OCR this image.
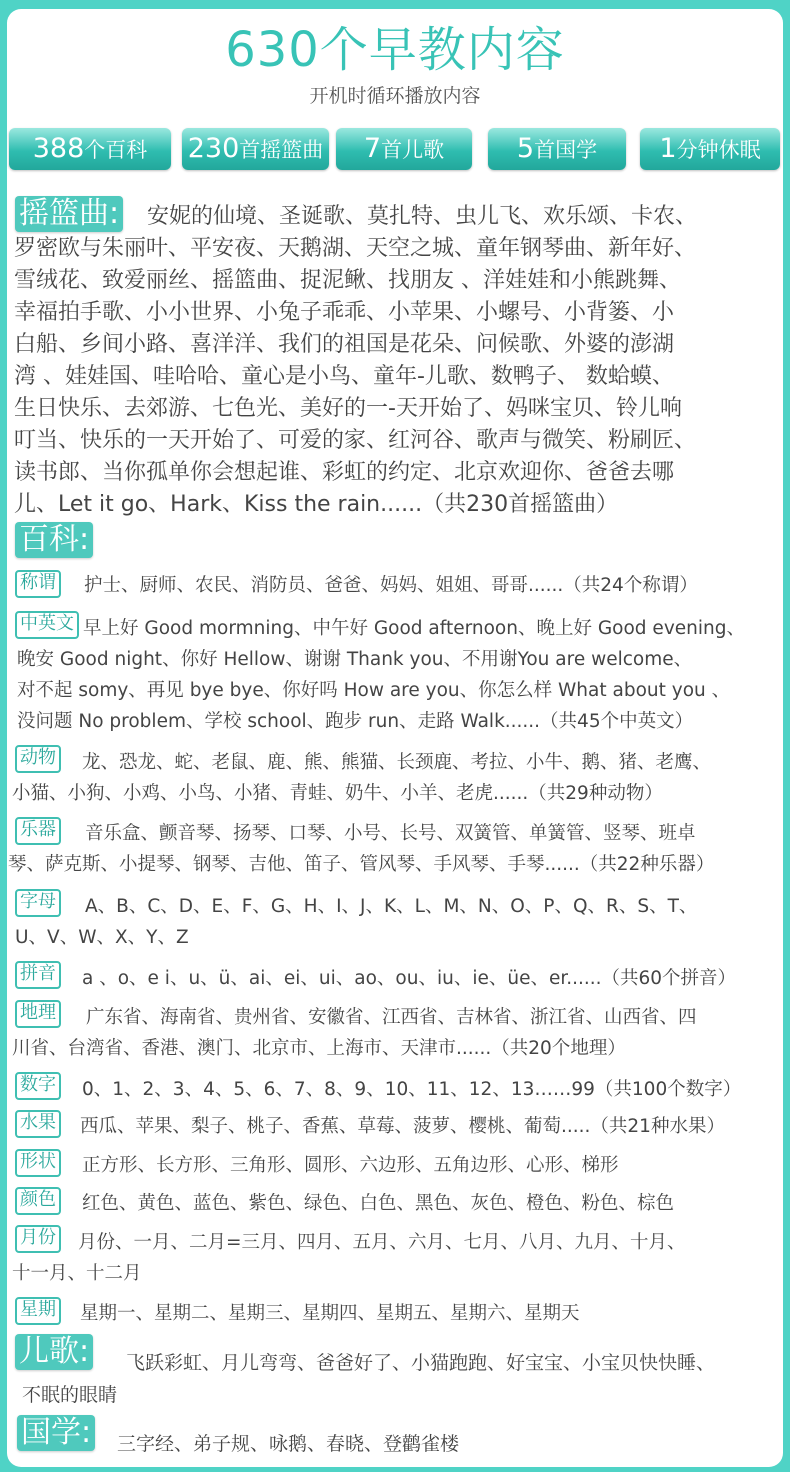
630个早教内容
开机时循环播放内容
388 个百科 230 首摇篮曲 7 首儿歌	5 首国学 1 分钟休眠
摇篮曲:	安妮的仙境、圣诞歌、莫扎特、虫儿飞、欢乐颂、卡农、
罗密欧与朱丽叶、平安夜、天鹅湖、天空之城、童年钢琴曲、新年好、
雪绒花、致爱丽丝、摇篮曲、捉泥鳅、找朋友 、洋娃娃和小熊跳舞、
幸福拍手歌、小小世界、小兔子乖乖、小苹果、小螺号、小背篓、小
白船、乡间小路、喜洋洋、我们的祖国是花朵、问候歌、外婆的澎湖
湾 、娃娃国、哇哈哈、童心是小鸟、童年-儿歌、数鸭子、 数蛤蟆、
生日快乐、去郊游、七色光、美好的一-天开始了、妈咪宝贝、铃儿响
叮当、快乐的一天开始了、可爱的家、红河谷、歌声与微笑、粉刷匠、
读书郎、当你孤单你会想起谁、彩虹的约定、北京欢迎你、爸爸去哪
儿、Let it go、Hark、Kiss the rain......（共230首摇篮曲）
百科:
称谓 护士、厨师、农民、消防员、爸爸、妈妈、姐姐、哥哥......（共24个称谓）
中英文 早上好 Good mormning、中午好 Good afternoon、晚上好 Good evening、
晚安 Good night、你好 Hellow、谢谢 Thank you、不用谢You are welcome、
对不起 somy、再见 bye bye、你好吗 How are you、你怎么样 What about you 、
没问题 No problem、学校 school、跑步 run、走路 Walk......（共45个中英文）
动物	龙、恐龙、蛇、老鼠、鹿、熊、熊猫、长颈鹿、考拉、小牛、鹅、猪、老鹰、
小猫、小狗、小鸡、小鸟、小猪、青蛙、奶牛、小羊、老虎......（共29种动物）
乐器	音乐盒、颤音琴、扬琴、口琴、小号、长号、双簧管、单簧管、竖琴、班卓
琴、萨克斯、小提琴、钢琴、吉他、笛子、管风琴、手风琴、手琴......（共22种乐器）
字母	A、B、C、D、E、F、G、H、I、J、K、L、M、N、O、P、Q、R、S、T、
U、V、W、X、Y、Z
拼音 a 、o、e i、u、ü、ai、ei、ui、ao、ou、iu、ie、üe、er......（共60个拼音）
地理	广东省、海南省、贵州省、安徽省、江西省、吉林省、浙江省、山西省、四
川省、台湾省、香港、澳门、北京市、上海市、天津市......（共20个地理）
数字 0、1、2、3、4、5、6、7、8、9、10、11、12、13……99（共100个数字）
水果 西瓜、苹果、梨子、桃子、香蕉、草莓、菠萝、樱桃、葡萄.....（共21种水果）
形状 正方形、长方形、三角形、圆形、六边形、五角边形、心形、梯形
颜色 红色、黄色、蓝色、紫色、绿色、白色、黑色、灰色、橙色、粉色、棕色
月份	月份、一月、二月=三月、四月、五月、六月、七月、八月、九月、十月、
十一月、十二月
星期 星期一、星期二、星期三、星期四、星期五、星期六、星期天
儿歌:	飞跃彩虹、月儿弯弯、爸爸好了、小猫跑跑、好宝宝、小宝贝快快睡、
不眠的眼睛
国学: 三字经、弟子规、咏鹅、春晓、登鹳雀楼
